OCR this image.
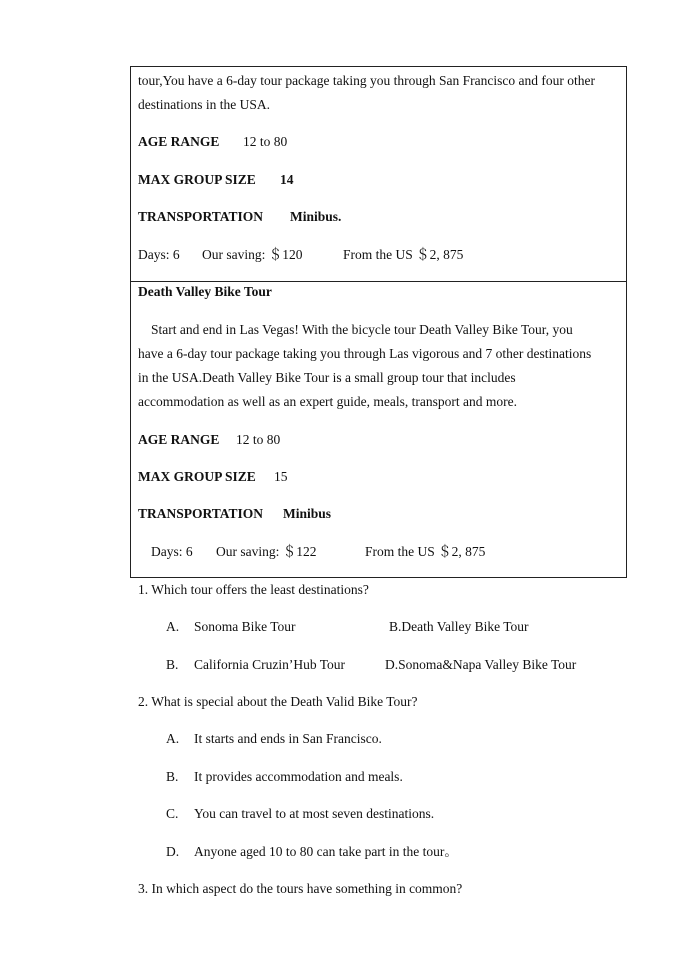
tour,You have a 6-day tour package taking you through San Francisco and four other
destinations in the USA.
AGE RANGE 12 to 80
MAX GROUP SIZE 14
TRANSPORTATION Minibus.
Days: 6 Our saving: ＄120	From the US ＄2, 875
Death Valley Bike Tour
Start and end in Las Vegas! With the bicycle tour Death Valley Bike Tour, you
have a 6-day tour package taking you through Las vigorous and 7 other destinations
in the USA.Death Valley Bike Tour is a small group tour that includes
accommodation as well as an expert guide, meals, transport and more.
AGE RANGE 12 to 80
MAX GROUP SIZE 15
TRANSPORTATION Minibus
Days: 6 Our saving: ＄122	From the US ＄2, 875
1. Which tour offers the least destinations?
A. Sonoma Bike Tour	B.Death Valley Bike Tour
B. California Cruzin’Hub Tour	D.Sonoma&Napa Valley Bike Tour
2. What is special about the Death Valid Bike Tour?
A. It starts and ends in San Francisco.
B. It provides accommodation and meals.
C. You can travel to at most seven destinations.
D. Anyone aged 10 to 80 can take part in the tour。
3. In which aspect do the tours have something in common?
